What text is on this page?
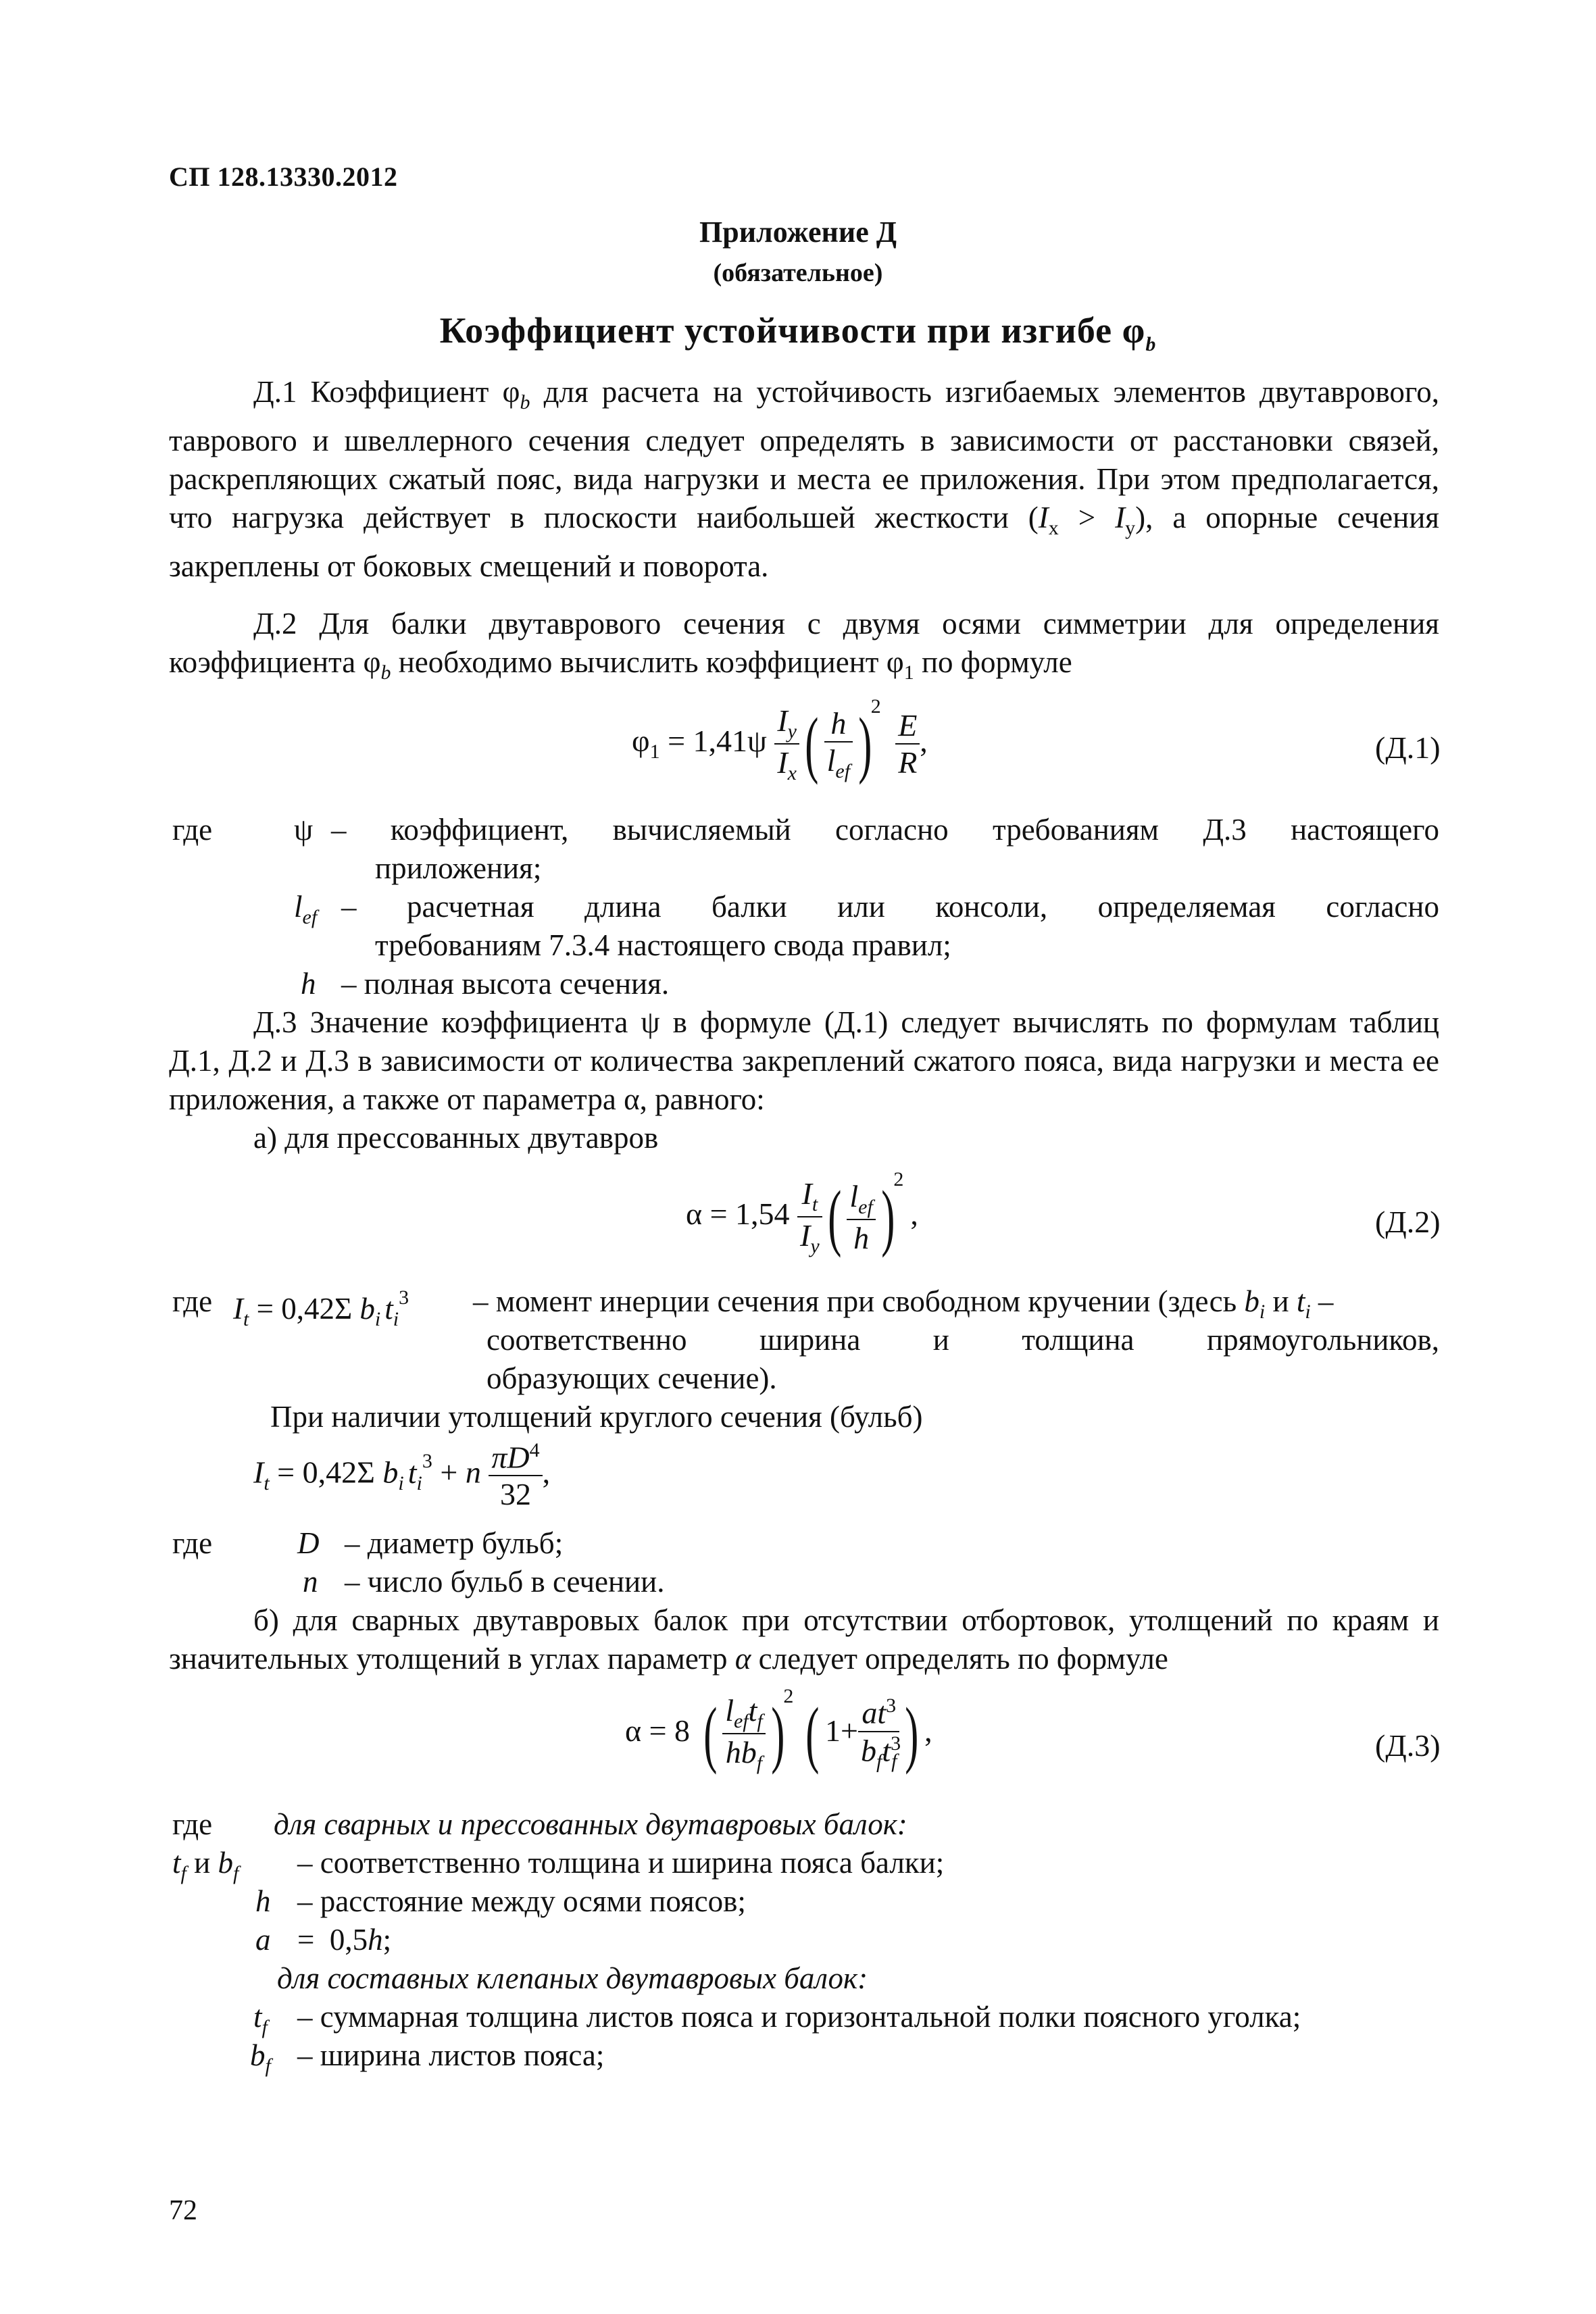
СП 128.13330.2012
Приложение Д
(обязательное)
Коэффициент устойчивости при изгибе $\varphi_b$
Д.1 Коэффициент $\varphi_b$ для расчета на устойчивость изгибаемых элементов двутаврового, таврового и швеллерного сечения следует определять в зависимости от расстановки связей, раскрепляющих сжатый пояс, вида нагрузки и места ее приложения. При этом предполагается, что нагрузка действует в плоскости наибольшей жесткости $(I_x > I_y)$, а опорные сечения закреплены от боковых смещений и поворота.
Д.2 Для балки двутаврового сечения с двумя осями симметрии для определения коэффициента $\varphi_b$ необходимо вычислить коэффициент $\varphi_1$ по формуле
$\varphi_1 = 1,41\psi \frac{I_y}{I_x}$ ( $\frac{h}{l_{ef}} )^2$
$\frac{E}{R}$ ,	(Д.1)
где	ψ – коэффициент, вычисляемый согласно требованиям Д.3 настоящего
приложения;
$l_{ef}$ – расчетная длина балки или консоли, определяемая согласно
требованиям 7.3.4 настоящего свода правил;
h – полная высота сечения.
Д.3 Значение коэффициента ψ в формуле (Д.1) следует вычислять по формулам таблиц Д.1, Д.2 и Д.3 в зависимости от количества закреплений сжатого пояса, вида нагрузки и места ее приложения, а также от параметра α, равного:
а) для прессованных двутавров
$\alpha = 1,54 \frac{I_t}{I_y}$ ( $\frac{l_{ef}}{h} )^2$,	(Д.2)
где $I_t = 0,42\Sigma$ $b_i$ $t_i^3$ – момент инерции сечения при свободном кручении (здесь $b_i$ и $t_i$ –
соответственно ширина и толщина прямоугольников,
образующих сечение).
При наличии утолщений круглого сечения (бульб)
$I_t = 0,42\Sigma$ $b_i$ $t_i^3 + n \frac{\pi D^4}{32}$ ,
где	D – диаметр бульб;
n – число бульб в сечении.
б) для сварных двутавровых балок при отсутствии отбортовок, утолщений по краям и значительных утолщений в углах параметр α следует определять по формуле
α = 8 ( $\frac{l_{ef}t_f}{hb_f} )^2$ ( $1+ \frac{at^3}{b_ft^3_f}$ ) ,	(Д.3)
где для сварных и прессованных двутавровых балок:
$t_f$ и $b_f$ – соответственно толщина и ширина пояса балки;
h – расстояние между осями поясов;
a = 0,5h;
для составных клепаных двутавровых балок:
$t_f$ – суммарная толщина листов пояса и горизонтальной полки поясного уголка;
$b_f$ – ширина листов пояса;
72
